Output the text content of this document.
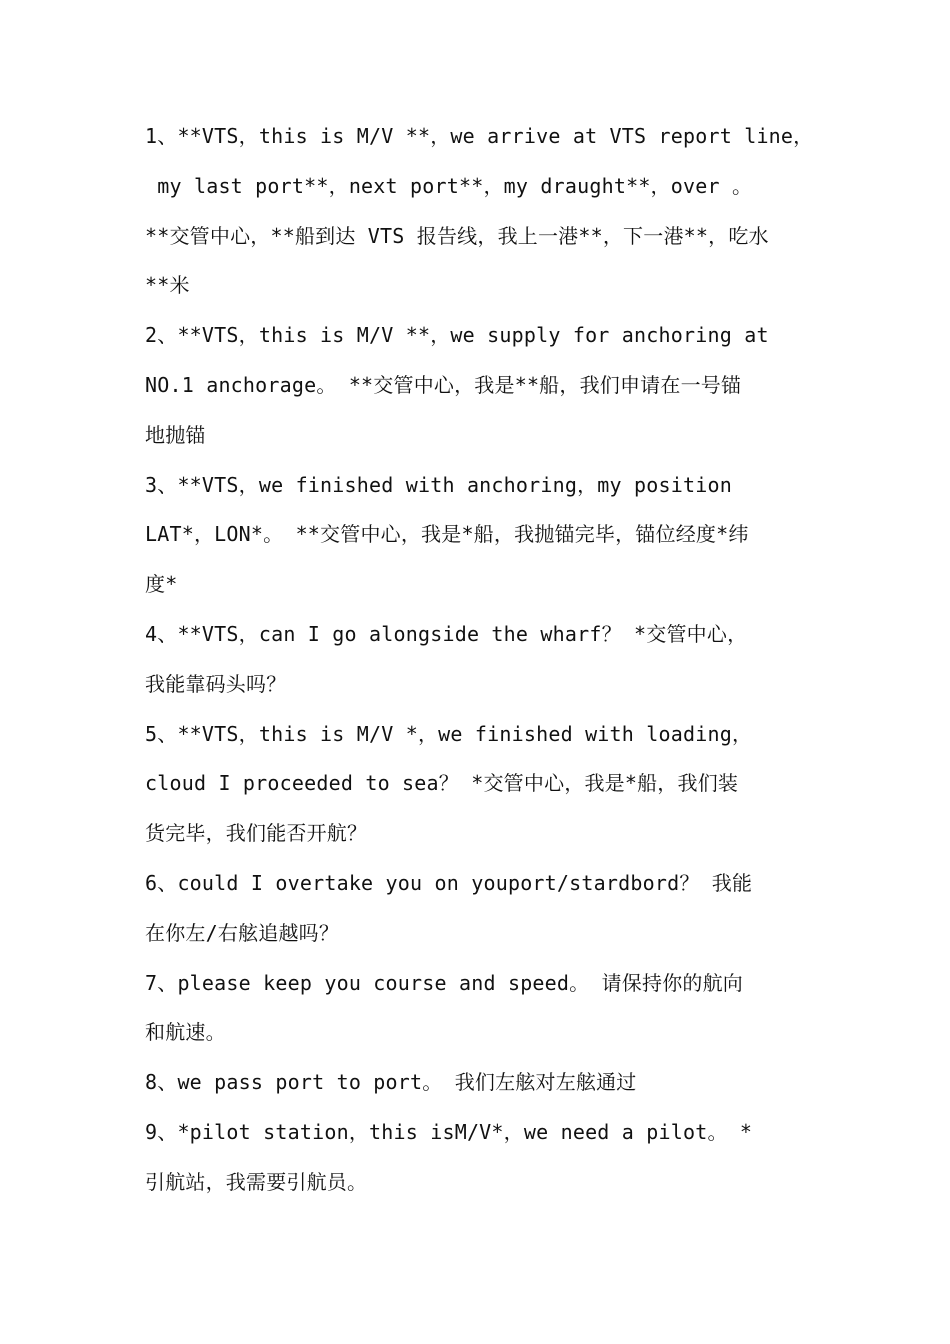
1、**VTS，this is M/V **，we arrive at VTS report line，
my last port**，next port**，my draught**，over 。
**交管中心，**船到达 VTS 报告线，我上一港**，下一港**，吃水
**米
2、**VTS，this is M/V **，we supply for anchoring at
NO.1 anchorage。 **交管中心，我是**船，我们申请在一号锚
地抛锚
3、**VTS，we finished with anchoring，my position
LAT*，LON*。 **交管中心，我是*船，我抛锚完毕，锚位经度*纬
度*
4、**VTS，can I go alongside the wharf？ *交管中心，
我能靠码头吗？
5、**VTS，this is M/V *，we finished with loading，
cloud I proceeded to sea？ *交管中心，我是*船，我们装
货完毕，我们能否开航？
6、could I overtake you on youport/stardbord？ 我能
在你左/右舷追越吗？
7、please keep you course and speed。 请保持你的航向
和航速。
8、we pass port to port。 我们左舷对左舷通过
9、*pilot station，this isM/V*，we need a pilot。 *
引航站，我需要引航员。
